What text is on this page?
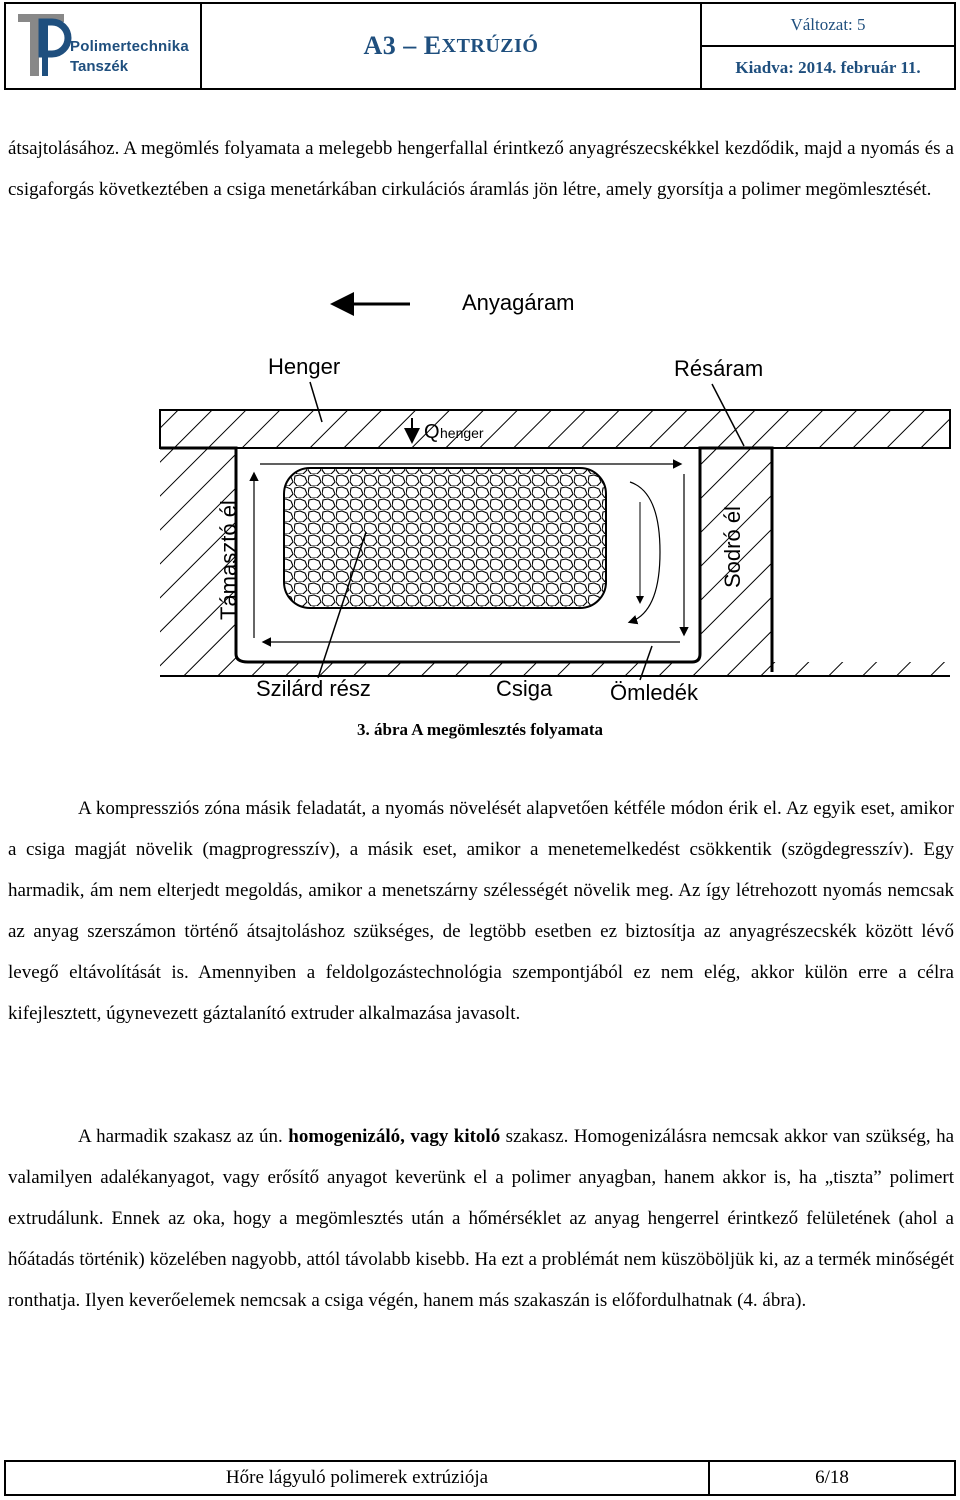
Polimertechnika
Tanszék
A3 – E XTRÚZIÓ
Változat: 5
Kiadva: 2014. február 11.
átsajtolásához. A megömlés folyamata a melegebb hengerfallal érintkező anyagrészecskékkel kezdődik, majd a nyomás és a csigaforgás következtében a csiga menetárkában cirkulációs áramlás jön létre, amely gyorsítja a polimer megömlesztését.
Anyagáram
Henger	Résáram
Q henger
Támasztó él	Sodró él
Szilárd rész	Csiga	Ömledék
3. ábra A megömlesztés folyamata
A kompressziós zóna másik feladatát, a nyomás növelését alapvetően kétféle módon érik el. Az egyik eset, amikor a csiga magját növelik (magprogresszív), a másik eset, amikor a menetemelkedést csökkentik (szögdegresszív). Egy harmadik, ám nem elterjedt megoldás, amikor a menetszárny szélességét növelik meg. Az így létrehozott nyomás nemcsak az anyag szerszámon történő átsajtoláshoz szükséges, de legtöbb esetben ez biztosítja az anyagrészecskék között lévő levegő eltávolítását is. Amennyiben a feldolgozástechnológia szempontjából ez nem elég, akkor külön erre a célra kifejlesztett, úgynevezett gáztalanító extruder alkalmazása javasolt.
A harmadik szakasz az ún. homogenizáló, vagy kitoló szakasz. Homogenizálásra nemcsak akkor van szükség, ha valamilyen adalékanyagot, vagy erősítő anyagot keverünk el a polimer anyagban, hanem akkor is, ha „tiszta” polimert extrudálunk. Ennek az oka, hogy a megömlesztés után a hőmérséklet az anyag hengerrel érintkező felületének (ahol a hőátadás történik) közelében nagyobb, attól távolabb kisebb. Ha ezt a problémát nem küszöböljük ki, az a termék minőségét ronthatja. Ilyen keverőelemek nemcsak a csiga végén, hanem más szakaszán is előfordulhatnak (4. ábra).
Hőre lágyuló polimerek extrúziója	6/18
